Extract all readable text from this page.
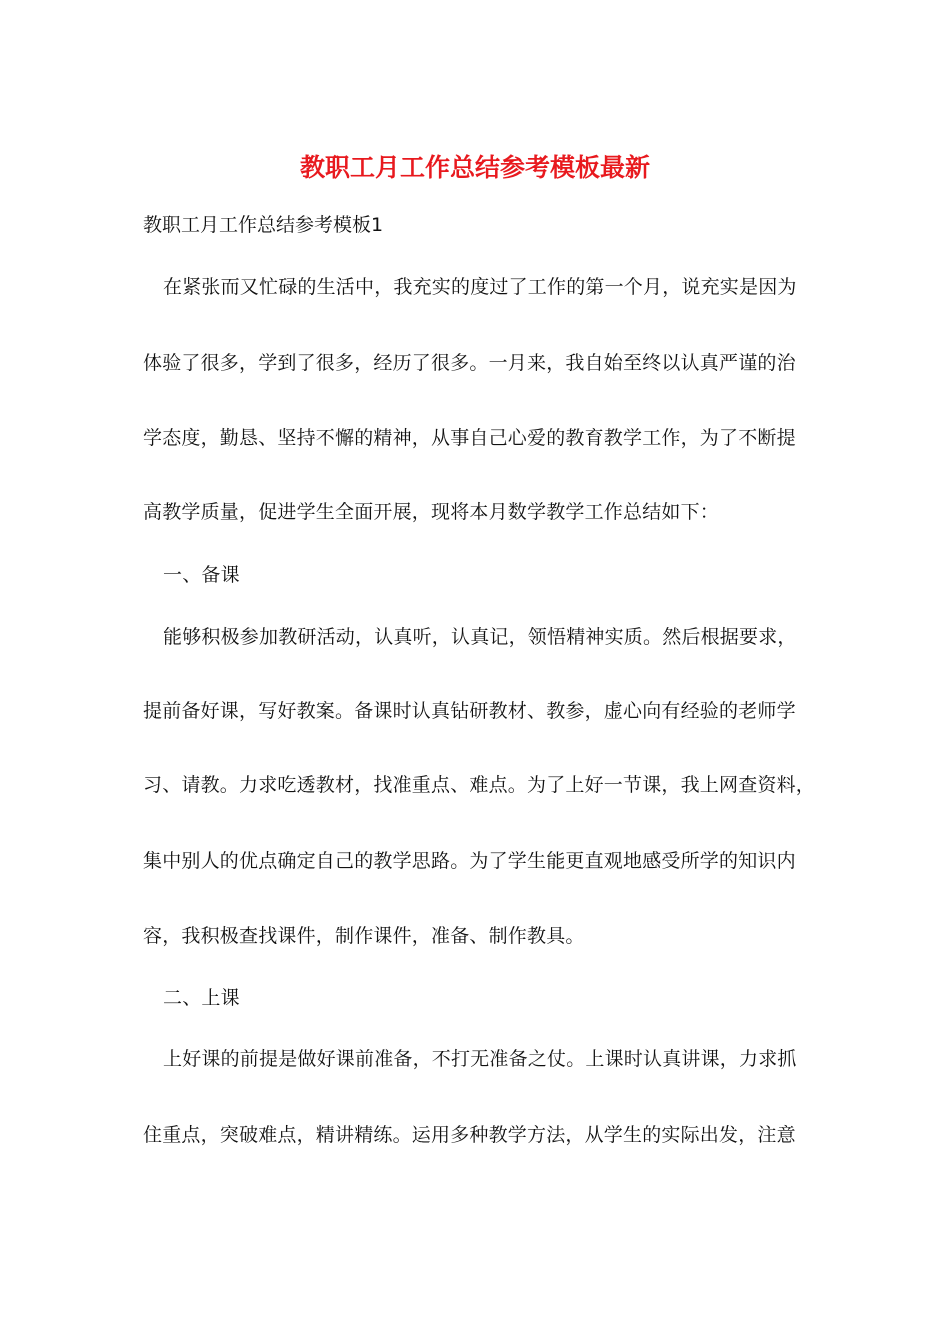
教职工月工作总结参考模板最新
教职工月工作总结参考模板1
在紧张而又忙碌的生活中，我充实的度过了工作的第一个月，说充实是因为
体验了很多，学到了很多，经历了很多。一月来，我自始至终以认真严谨的治
学态度，勤恳、坚持不懈的精神，从事自己心爱的教育教学工作，为了不断提
高教学质量，促进学生全面开展，现将本月数学教学工作总结如下：
一、备课
能够积极参加教研活动，认真听，认真记，领悟精神实质。然后根据要求，
提前备好课，写好教案。备课时认真钻研教材、教参，虚心向有经验的老师学
习、请教。力求吃透教材，找准重点、难点。为了上好一节课，我上网查资料，
集中别人的优点确定自己的教学思路。为了学生能更直观地感受所学的知识内
容，我积极查找课件，制作课件，准备、制作教具。
二、上课
上好课的前提是做好课前准备，不打无准备之仗。上课时认真讲课，力求抓
住重点，突破难点，精讲精练。运用多种教学方法，从学生的实际出发，注意
